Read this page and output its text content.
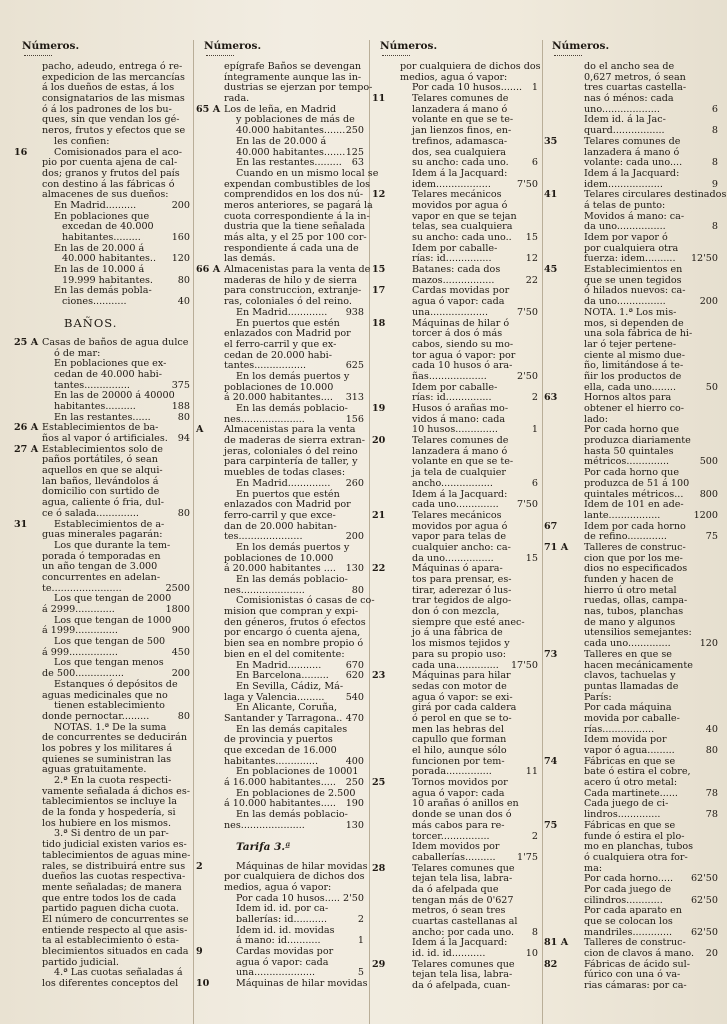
Números.
pacho, adeudo, entrega ó re-
expedicion de las mercancías
á los dueños de estas, á los
consignatarios de las mismas
ó á los padrones de los bu-
ques, sin que vendan los gé-
neros, frutos y efectos que se
les confien:
16	Comisionados para el aco-
pio por cuenta ajena de cal-
dos; granos y frutos del país
con destino á las fábricas ó
almacenes de sus dueños:
En Madrid..........	200
En poblaciones que
excedan de 40.000
habitantes.........	160
En las de 20.000 á
40.000 habitantes..	120
En las de 10.000 á
19.999 habitantes.	80
En las demás pobla-
ciones...........	40
BAÑOS.
25 A Casas de baños de agua dulce
ó de mar:
En poblaciones que ex-
cedan de 40.000 habi-
tantes...............	375
En las de 20000 á 40000
habitantes..........	188
En las restantes......	80
26 A Establecimientos de ba-
ños al vapor ó artificiales. 94
27 A Establecimientos solo de
paños portátiles, ó sean
aquellos en que se alqui-
lan baños, llevándolos á
domicilio con surtido de
agua, caliente ó fria, dul-
ce ó salada..............	80
31	Establecimientos de a-
guas minerales pagarán:
Los que durante la tem-
porada ó temporadas en
un año tengan de 3.000
concurrentes en adelan-
te.......................	2500
Los que tengan de 2000
á 2999.............	1800
Los que tengan de 1000
á 1999..............	900
Los que tengan de 500
á 999................	450
Los que tengan menos
de 500................	200
Estanques ó depósitos de
aguas medicinales que no
tienen establecimiento
donde pernoctar.........	80
NOTAS. 1.ª De la suma
de concurrentes se deducirán
los pobres y los militares á
quienes se suministran las
aguas gratuitamente.
2.ª En la cuota respecti-
vamente señalada á dichos es-
tablecimientos se incluye la
de la fonda y hospedería, si
los hubiere en los mismos.
3.ª Si dentro de un par-
tido judicial existen varios es-
tablecimientos de aguas mine-
rales, se distribuirá entre sus
dueños las cuotas respectiva-
mente señaladas; de manera
que entre todos los de cada
partido paguen dicha cuota.
El número de concurrentes se
entiende respecto al que asis-
ta al establecimiento ó esta-
blecimientos situados en cada
partido judicial.
4.ª Las cuotas señaladas á
los diferentes conceptos del
Números.
epígrafe Baños se devengan
íntegramente aunque las in-
dustrias se ejerzan por tempo-
rada.
65 A Los de leña, en Madrid
y poblaciones de más de
40.000 habitantes....... 250
En las de 20.000 á
40.000 habitantes....... 125
En las restantes......... 63
Cuando en un mismo local se
expendan combustibles de los
comprendidos en los dos nú-
meros anteriores, se pagará la
cuota correspondiente á la in-
dustria que la tiene señalada
más alta, y el 25 por 100 cor-
respondiente á cada una de
las demás.
66 A Almacenistas para la venta de
maderas de hilo y de sierra
para construccion, extranje-
ras, coloniales ó del reino.
En Madrid.............	938
En puertos que estén
enlazados con Madrid por
el ferro-carril y que ex-
cedan de 20.000 habi-
tantes.................	625
En los demás puertos y
poblaciones de 10.000
á 20.000 habitantes.... 313
En las demás poblacio-
nes.....................	156
A	Almacenistas para la venta
de maderas de sierra extran-
jeras, coloniales ó del reino
para carpintería de taller, y
muebles de todas clases:
En Madrid..............	260
En puertos que estén
enlazados con Madrid por
ferro-carril y que exce-
dan de 20.000 habitan-
tes.....................	200
En los demás puertos y
poblaciones de 10.000
á 20.000 habitantes .... 130
En las demás poblacio-
nes.....................	80
Comisionistas ó casas de co-
mision que compran y expi-
den géneros, frutos ó efectos
por encargo ó cuenta ajena,
bien sea en nombre propio ó
bien en el del comitente:
En Madrid...........	670
En Barcelona.........	620
En Sevilla, Cádiz, Má-
laga y Valencia.........	540
En Alicante, Coruña,
Santander y Tarragona.. 470
En las demás capitales
de provincia y puertos
que excedan de 16.000
habitantes..............	400
En poblaciones de 10001
á 16.000 habitantes..... 250
En poblaciones de 2.500
á 10.000 habitantes..... 190
En las demás poblacio-
nes.....................	130
Tarifa 3.ª
2	Máquinas de hilar movidas
por cualquiera de dichos dos
medios, agua ó vapor:
Por cada 10 husos..... 2'50
Idem id. id. por ca-
ballerías: id...........	2
Idem id. id. movidas
á mano: id...........	1
9	Cardas movidas por
agua ó vapor: cada
una....................	5
10	Máquinas de hilar movidas
Números.
por cualquiera de dichos dos
medios, agua ó vapor:
Por cada 10 husos....... 1
11	Telares comunes de
lanzadera á mano ó
volante en que se te-
jan lienzos finos, en-
trefinos, adamasca-
dos, sea cualquiera
su ancho: cada uno. 6
Idem á la Jacquard:
idem..................	7'50
12	Telares mecánicos
movidos por agua ó
vapor en que se tejan
telas, sea cualquiera
su ancho: cada uno.. 15
Idem por caballe-
rías: id...............	12
15	Batanes: cada dos
mazos.................	22
17	Cardas movidas por
agua ó vapor: cada
una...................	7'50
18	Máquinas de hilar ó
torcer á dos ó más
cabos, siendo su mo-
tor agua ó vapor: por
cada 10 husos ó ara-
ñas...................	2'50
Idem por caballe-
rías: id...............	2
19	Husos ó arañas mo-
vidos á mano: cada
10 husos..............	1
20	Telares comunes de
lanzadera á mano ó
volante en que se te-
ja tela de cualquier
ancho.................	6
Idem á la Jacquard:
cada uno..............	7'50
21	Telares mecánicos
movidos por agua ó
vapor para telas de
cualquier ancho: ca-
da uno................	15
22	Máquinas ó apara-
tos para prensar, es-
tirar, aderezar ó lus-
trar tegidos de algo-
don ó con mezcla,
siempre que esté anec-
jo á una fábrica de
los mismos tejidos y
para su propio uso:
cada una..............	17'50
23	Máquinas para hilar
sedas con motor de
agua ó vapor: se exi-
girá por cada caldera
ó perol en que se to-
men las hebras del
capullo que forman
el hilo, aunque sólo
funcionen por tem-
porada...............	11
25	Tornos movidos por
agua ó vapor: cada
10 arañas ó anillos en
donde se unan dos ó
más cabos para re-
torcer................	2
Idem movidos por
caballerías..........	1'75
28	Telares comunes que
tejan tela lisa, labra-
da ó afelpada que
tengan más de 0'627
metros, ó sean tres
cuartas castellanas al
ancho: por cada uno. 8
Idem á la Jacquard:
id. id. id...........	10
29	Telares comunes que
tejan tela lisa, labra-
da ó afelpada, cuan-
Números.
do el ancho sea de
0,627 metros, ó sean
tres cuartas castella-
nas ó ménos: cada
uno...................	6
Idem id. á la Jac-
quard.................	8
35	Telares comunes de
lanzadera á mano ó
volante: cada uno....	8
Idem á la Jacquard:
idem..................	9
41	Telares circulares destinados
á telas de punto:
Movidos á mano: ca-
da uno................	8
Idem por vapor ó
por cualquiera otra
fuerza: idem..........	12'50
45	Establecimientos en
que se unen tegidos
ó hilados nuevos: ca-
da uno................	200
NOTA. 1.ª Los mis-
mos, si dependen de
una sola fábrica de hi-
lar ó tejer pertene-
ciente al mismo due-
ño, limitándose á te-
ñir los productos de
ella, cada uno........	50
63	Hornos altos para
obtener el hierro co-
lado:
Por cada horno que
produzca diariamente
hasta 50 quintales
métricos..............	500
Por cada horno que
produzca de 51 á 100
quintales métricos...	800
Idem de 101 en ade-
lante.................	1200
67	Idem por cada horno
de refino.............	75
71 A Talleres de construc-
cion que por los me-
dios no especificados
funden y hacen de
hierro ú otro metal
ruedas, ollas, campa-
nas, tubos, planchas
de mano y algunos
utensilios semejantes:
cada uno..............	120
73	Talleres en que se
hacen mecánicamente
clavos, tachuelas y
puntas llamadas de
París:
Por cada máquina
movida por caballe-
rías.................	40
Idem movida por
vapor ó agua.........	80
74	Fábricas en que se
bate ó estira el cobre,
acero ú otro metal:
Cada martinete......	78
Cada juego de ci-
lindros..............	78
75	Fábricas en que se
funde ó estira el plo-
mo en planchas, tubos
ó cualquiera otra for-
ma:
Por cada horno.....	62'50
Por cada juego de
cilindros............	62'50
Por cada aparato en
que se colocan los
mandriles.............	62'50
81 A Talleres de construc-
cion de clavos á mano. 20
82	Fábricas de ácido sul-
fúrico con una ó va-
rias cámaras: por ca-
